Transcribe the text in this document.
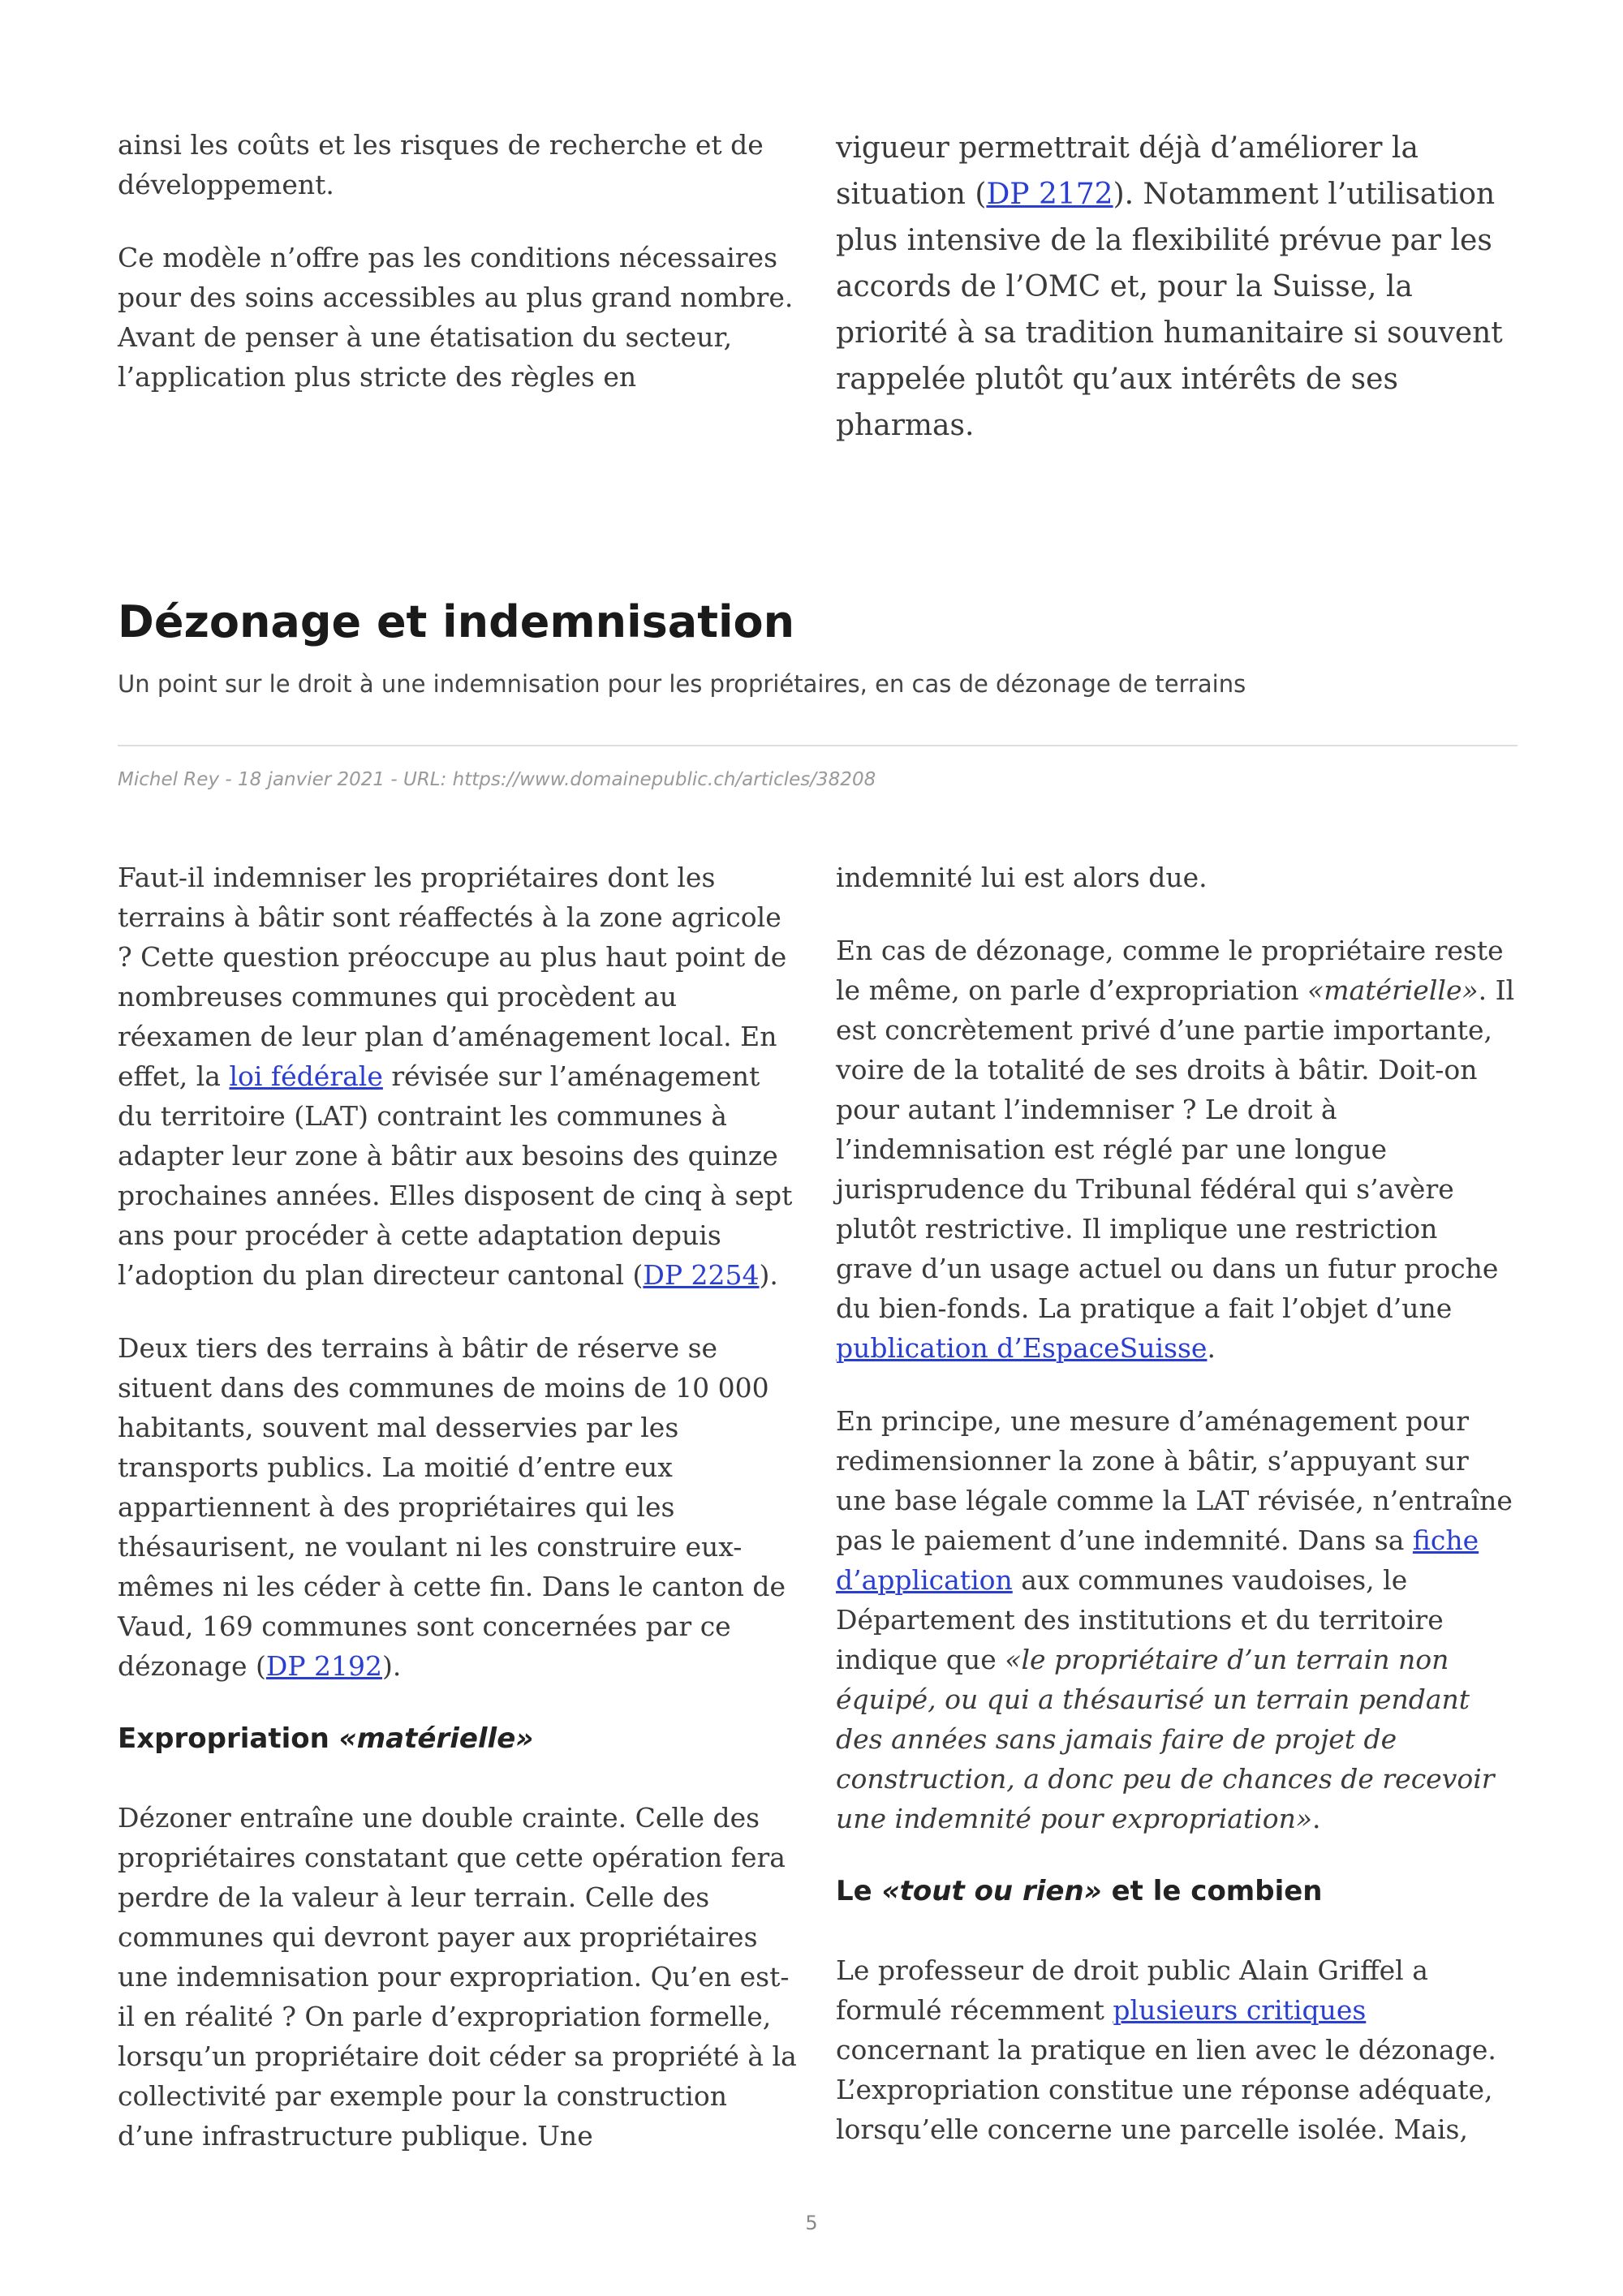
ainsi les coûts et les risques de recherche et de développement.

Ce modèle n’offre pas les conditions nécessaires pour des soins accessibles au plus grand nombre. Avant de penser à une étatisation du secteur, l’application plus stricte des règles en

vigueur permettrait déjà d’améliorer la situation (DP 2172). Notamment l’utilisation plus intensive de la flexibilité prévue par les accords de l’OMC et, pour la Suisse, la priorité à sa tradition humanitaire si souvent rappelée plutôt qu’aux intérêts de ses pharmas.

Dézonage et indemnisation

Un point sur le droit à une indemnisation pour les propriétaires, en cas de dézonage de terrains

Michel Rey - 18 janvier 2021 - URL: https://www.domainepublic.ch/articles/38208

Faut-il indemniser les propriétaires dont les terrains à bâtir sont réaffectés à la zone agricole ? Cette question préoccupe au plus haut point de nombreuses communes qui procèdent au réexamen de leur plan d’aménagement local. En effet, la loi fédérale révisée sur l’aménagement du territoire (LAT) contraint les communes à adapter leur zone à bâtir aux besoins des quinze prochaines années. Elles disposent de cinq à sept ans pour procéder à cette adaptation depuis l’adoption du plan directeur cantonal (DP 2254).

Deux tiers des terrains à bâtir de réserve se situent dans des communes de moins de 10 000 habitants, souvent mal desservies par les transports publics. La moitié d’entre eux appartiennent à des propriétaires qui les thésaurisent, ne voulant ni les construire eux-mêmes ni les céder à cette fin. Dans le canton de Vaud, 169 communes sont concernées par ce dézonage (DP 2192).

Expropriation «matérielle»

Dézoner entraîne une double crainte. Celle des propriétaires constatant que cette opération fera perdre de la valeur à leur terrain. Celle des communes qui devront payer aux propriétaires une indemnisation pour expropriation. Qu’en est-il en réalité ? On parle d’expropriation formelle, lorsqu’un propriétaire doit céder sa propriété à la collectivité par exemple pour la construction d’une infrastructure publique. Une

indemnité lui est alors due.

En cas de dézonage, comme le propriétaire reste le même, on parle d’expropriation «matérielle». Il est concrètement privé d’une partie importante, voire de la totalité de ses droits à bâtir. Doit-on pour autant l’indemniser ? Le droit à l’indemnisation est réglé par une longue jurisprudence du Tribunal fédéral qui s’avère plutôt restrictive. Il implique une restriction grave d’un usage actuel ou dans un futur proche du bien-fonds. La pratique a fait l’objet d’une publication d’EspaceSuisse.

En principe, une mesure d’aménagement pour redimensionner la zone à bâtir, s’appuyant sur une base légale comme la LAT révisée, n’entraîne pas le paiement d’une indemnité. Dans sa fiche d’application aux communes vaudoises, le Département des institutions et du territoire indique que «le propriétaire d’un terrain non équipé, ou qui a thésaurisé un terrain pendant des années sans jamais faire de projet de construction, a donc peu de chances de recevoir une indemnité pour expropriation».

Le «tout ou rien» et le combien

Le professeur de droit public Alain Griffel a formulé récemment plusieurs critiques concernant la pratique en lien avec le dézonage. L’expropriation constitue une réponse adéquate, lorsqu’elle concerne une parcelle isolée. Mais,

5
